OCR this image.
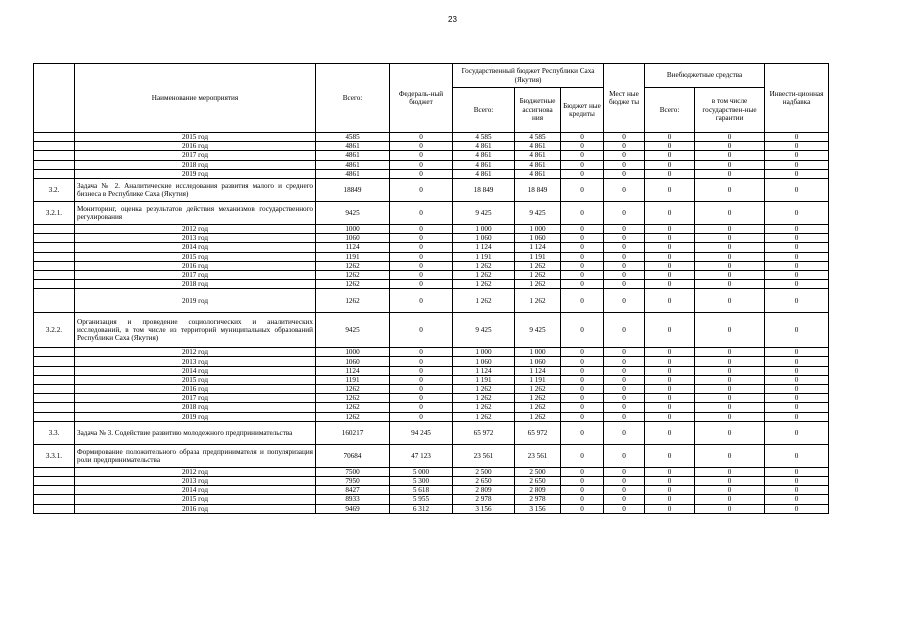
23
	Наименование мероприятия	Всего:	Федераль-ный бюджет	Государственный бюджет Республики Саха (Якутия)			Мест ные бюдже ты	Внебюджетные средства		Инвести-ционная надбавка
				Всего:	Бюджетные ассигнова ния	Бюджет ные кредиты		Всего:	в том числе государствен-ные гарантии	
	2015 год	4585	0	4 585	4 585	0	0	0	0	0
	2016 год	4861	0	4 861	4 861	0	0	0	0	0
	2017 год	4861	0	4 861	4 861	0	0	0	0	0
	2018 год	4861	0	4 861	4 861	0	0	0	0	0
	2019 год	4861	0	4 861	4 861	0	0	0	0	0
3.2.	Задача № 2. Аналитические исследования развития малого и среднего бизнеса в Республике Саха (Якутия)	18849	0	18 849	18 849	0	0	0	0	0
3.2.1.	Мониторинг, оценка результатов действия механизмов государственного регулирования	9425	0	9 425	9 425	0	0	0	0	0
	2012 год	1000	0	1 000	1 000	0	0	0	0	0
	2013 год	1060	0	1 060	1 060	0	0	0	0	0
	2014 год	1124	0	1 124	1 124	0	0	0	0	0
	2015 год	1191	0	1 191	1 191	0	0	0	0	0
	2016 год	1262	0	1 262	1 262	0	0	0	0	0
	2017 год	1262	0	1 262	1 262	0	0	0	0	0
	2018 год	1262	0	1 262	1 262	0	0	0	0	0
	2019 год	1262	0	1 262	1 262	0	0	0	0	0
3.2.2.	Организация и проведение социологических и аналитических исследований, в том числе из территорий муниципальных образований Республики Саха (Якутия)	9425	0	9 425	9 425	0	0	0	0	0
	2012 год	1000	0	1 000	1 000	0	0	0	0	0
	2013 год	1060	0	1 060	1 060	0	0	0	0	0
	2014 год	1124	0	1 124	1 124	0	0	0	0	0
	2015 год	1191	0	1 191	1 191	0	0	0	0	0
	2016 год	1262	0	1 262	1 262	0	0	0	0	0
	2017 год	1262	0	1 262	1 262	0	0	0	0	0
	2018 год	1262	0	1 262	1 262	0	0	0	0	0
	2019 год	1262	0	1 262	1 262	0	0	0	0	0
3.3.	Задача № 3. Содействие развитию молодежного предпринимательства	160217	94 245	65 972	65 972	0	0	0	0	0
3.3.1.	Формирование положительного образа предпринимателя и популяризация роли предпринимательства	70684	47 123	23 561	23 561	0	0	0	0	0
	2012 год	7500	5 000	2 500	2 500	0	0	0	0	0
	2013 год	7950	5 300	2 650	2 650	0	0	0	0	0
	2014 год	8427	5 618	2 809	2 809	0	0	0	0	0
	2015 год	8933	5 955	2 978	2 978	0	0	0	0	0
	2016 год	9469	6 312	3 156	3 156	0	0	0	0	0
